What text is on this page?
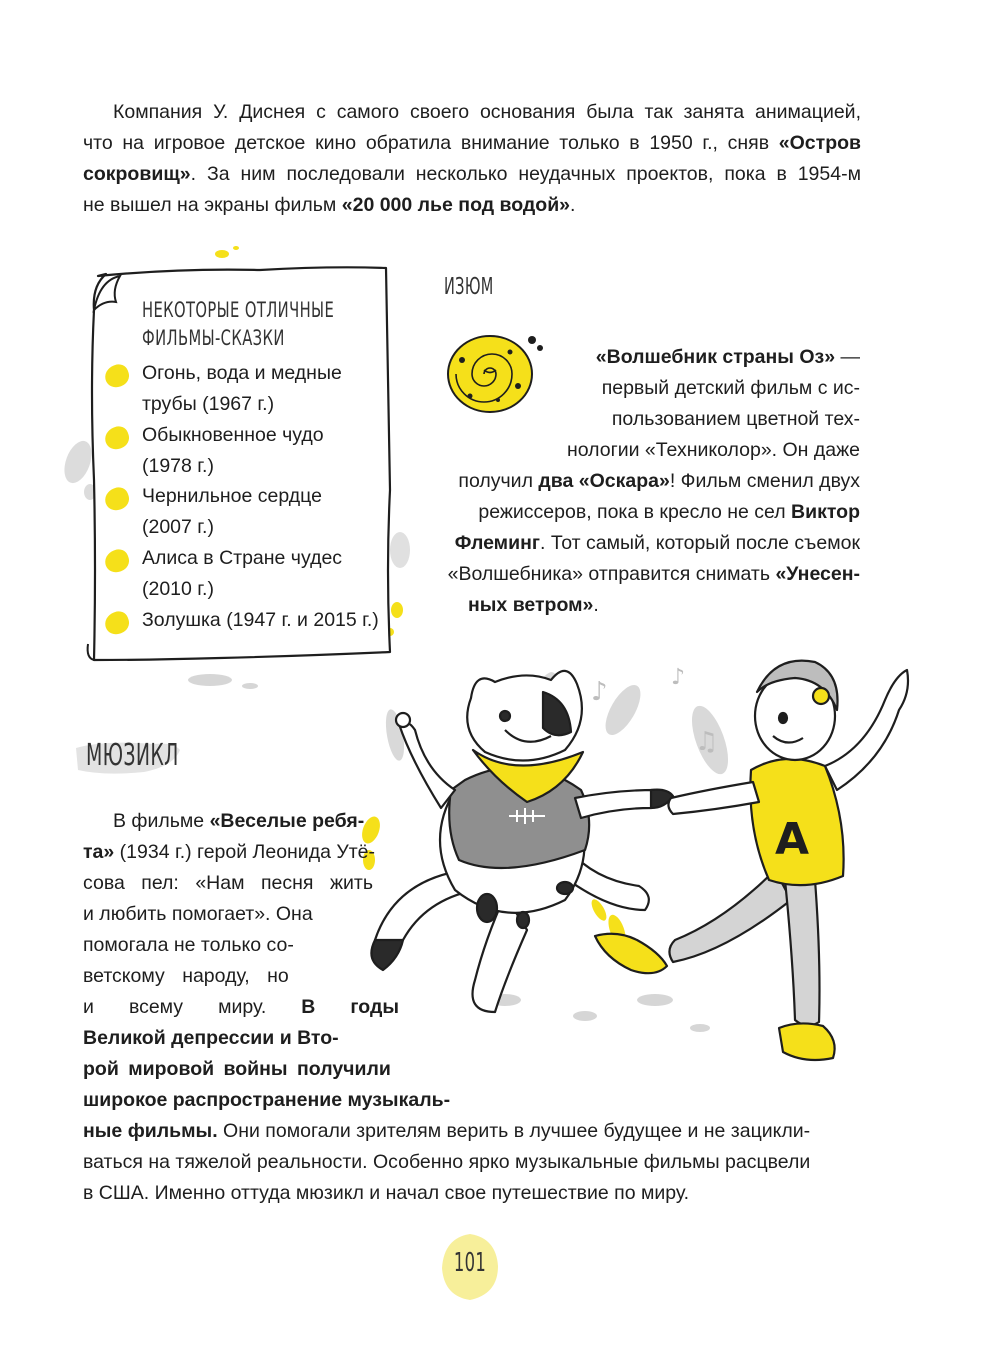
Компания У. Диснея с самого своего основания была так занята анимацией,
что на игровое детское кино обратила внимание только в 1950 г., сняв «Остров
сокровищ». За ним последовали несколько неудачных проектов, пока в 1954-м
не вышел на экраны фильм «20 000 лье под водой».
НЕКОТОРЫЕ ОТЛИЧНЫЕ
ФИЛЬМЫ-СКАЗКИ
Огонь, вода и медные
трубы (1967 г.)
Обыкновенное чудо
(1978 г.)
Чернильное сердце
(2007 г.)
Алиса в Стране чудес
(2010 г.)
Золушка (1947 г. и 2015 г.)
ИЗЮМ
«Волшебник страны Оз» —
первый детский фильм с ис-
пользованием цветной тех-
нологии «Техниколор». Он даже
получил два «Оскара»! Фильм сменил двух
режиссеров, пока в кресло не сел Виктор
Флеминг. Тот самый, который после съемок
«Волшебника» отправится снимать «Унесен-
ных ветром».
♪
♫
♪
A
МЮЗИКЛ
В фильме «Веселые ребя-
та» (1934 г.) герой Леонида Утё-
сова пел: «Нам песня жить
и любить помогает». Она
помогала не только со-
ветскому народу, но
и всему миру. В годы
Великой депрессии и Вто-
рой мировой войны получили
широкое распространение музыкаль-
ные фильмы. Они помогали зрителям верить в лучшее будущее и не зацикли-
ваться на тяжелой реальности. Особенно ярко музыкальные фильмы расцвели
в США. Именно оттуда мюзикл и начал свое путешествие по миру.
101
